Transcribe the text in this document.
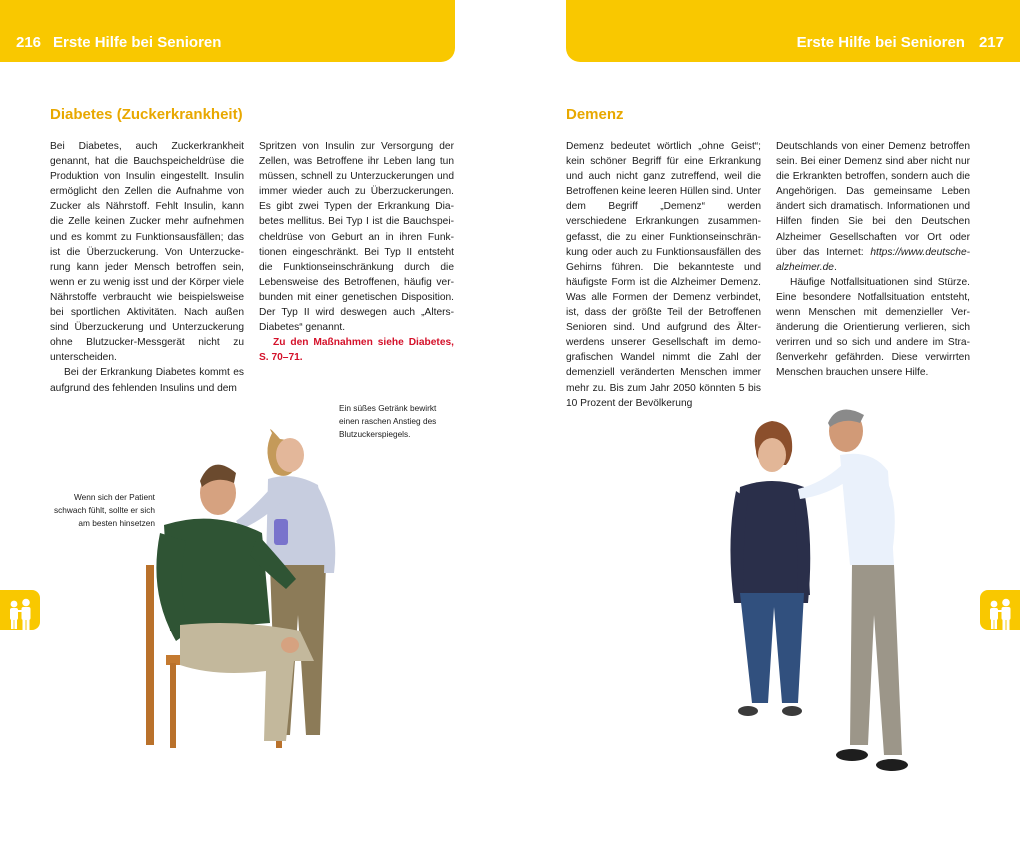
216 Erste Hilfe bei Senioren	Erste Hilfe bei Senioren 217
Diabetes (Zuckerkrankheit)

Bei Diabetes, auch Zuckerkrankheit genannt, hat die Bauchspeicheldrüse die Produktion von Insulin eingestellt. Insulin ermöglicht den Zellen die Aufnahme von Zucker als Nährstoff. Fehlt Insulin, kann die Zelle keinen Zucker mehr aufnehmen und es kommt zu Funktionsausfällen; das ist die Überzuckerung. Von Unterzuckerung kann jeder Mensch betroffen sein, wenn er zu wenig isst und der Körper viele Nährstoffe verbraucht wie beispielsweise bei sportlichen Aktivitäten. Nach außen sind Überzuckerung und Unterzuckerung ohne Blutzucker-Messgerät nicht zu unterscheiden.

Bei der Erkrankung Diabetes kommt es aufgrund des fehlenden Insulins und dem

Spritzen von Insulin zur Versorgung der Zellen, was Betroffene ihr Leben lang tun müssen, schnell zu Unterzuckerungen und immer wieder auch zu Überzuckerungen. Es gibt zwei Typen der Erkrankung Diabetes mellitus. Bei Typ I ist die Bauchspeicheldrüse von Geburt an in ihren Funktionen eingeschränkt. Bei Typ II entsteht die Funktionseinschränkung durch die Lebensweise des Betroffenen, häufig verbunden mit einer genetischen Disposition. Der Typ II wird deswegen auch „Alters-Diabetes“ genannt.

Zu den Maßnahmen siehe Diabetes, S. 70–71.

Ein süßes Getränk bewirkt einen raschen Anstieg des Blutzuckerspiegels.

Wenn sich der Patient schwach fühlt, sollte er sich am besten hinsetzen

Demenz

Demenz bedeutet wörtlich „ohne Geist“; kein schöner Begriff für eine Erkrankung und auch nicht ganz zutreffend, weil die Betroffenen keine leeren Hüllen sind. Unter dem Begriff „Demenz“ werden verschiedene Erkrankungen zusammengefasst, die zu einer Funktionseinschränkung oder auch zu Funktionsausfällen des Gehirns führen. Die bekannteste und häufigste Form ist die Alzheimer Demenz. Was alle Formen der Demenz verbindet, ist, dass der größte Teil der Betroffenen Senioren sind. Und aufgrund des Älterwerdens unserer Gesellschaft im demografischen Wandel nimmt die Zahl der demenziell veränderten Menschen immer mehr zu. Bis zum Jahr 2050 könnten 5 bis 10 Prozent der Bevölkerung

Deutschlands von einer Demenz betroffen sein. Bei einer Demenz sind aber nicht nur die Erkrankten betroffen, sondern auch die Angehörigen. Das gemeinsame Leben ändert sich dramatisch. Informationen und Hilfen finden Sie bei den Deutschen Alzheimer Gesellschaften vor Ort oder über das Internet: https://www.deutsche-alzheimer.de.

Häufige Notfallsituationen sind Stürze. Eine besondere Notfallsituation entsteht, wenn Menschen mit demenzieller Veränderung die Orientierung verlieren, sich verirren und so sich und andere im Straßenverkehr gefährden. Diese verwirrten Menschen brauchen unsere Hilfe.
